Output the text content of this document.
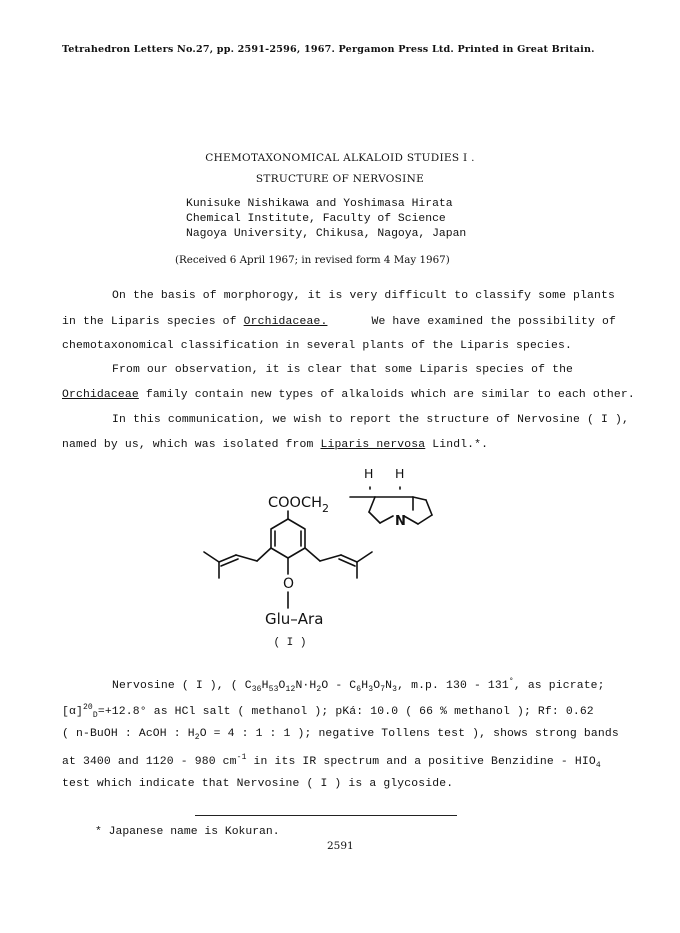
Tetrahedron Letters No.27, pp. 2591-2596, 1967. Pergamon Press Ltd. Printed in Great Britain.
CHEMOTAXONOMICAL ALKALOID STUDIES I .
STRUCTURE OF NERVOSINE
Kunisuke Nishikawa and Yoshimasa Hirata
Chemical Institute, Faculty of Science
Nagoya University, Chikusa, Nagoya, Japan
(Received 6 April 1967; in revised form 4 May 1967)
On the basis of morphorogy, it is very difficult to classify some plants
in the Liparis species of Orchidaceae.	We have examined the possibility of
chemotaxonomical classification in several plants of the Liparis species.
From our observation, it is clear that some Liparis species of the
Orchidaceae family contain new types of alkaloids which are similar to each other.
In this communication, we wish to report the structure of Nervosine ( I ),
named by us, which was isolated from Liparis nervosa Lindl.*.
H H
$COOCH_2$
N
O
Glu–Ara
( I )
Nervosine ( I ), ( $C_{36}H_{53}O_{12}N\cdot H_2O - C_6H_3O_7N_3$, m.p. 130 - 131°, as picrate;
$[\alpha]^{20}_D=+12.8^\circ$ as HCl salt ( methanol ); pKá: 10.0 ( 66 % methanol ); Rf: 0.62
( n-BuOH : AcOH : $H_2O = 4$ : 1 : 1 ); negative Tollens test ), shows strong bands
at 3400 and 1120 - 980 $cm^{-1}$ in its IR spectrum and a positive Benzidine - $HIO_4$
test which indicate that Nervosine ( I ) is a glycoside.
* Japanese name is Kokuran.
2591
